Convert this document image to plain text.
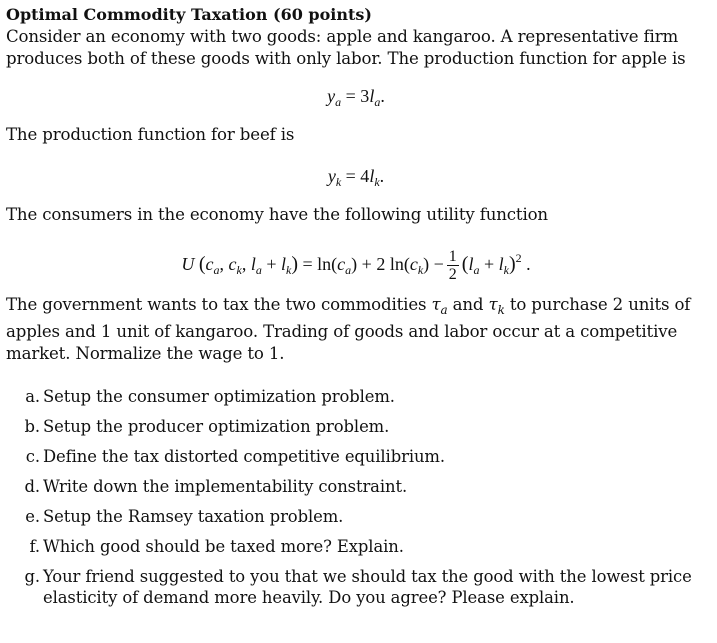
Optimal Commodity Taxation (60 points)

Consider an economy with two goods: apple and kangaroo. A representative firm produces both of these goods with only labor. The production function for apple is

$y_a = 3l_a$.

The production function for beef is

$y_k = 4l_k$.

The consumers in the economy have the following utility function

U ($c_a$, $c_k$, $l_a + l_k) = \ln(c_a) + 2$ $\ln(c_k) - \frac{1}{2} (l_a + l_k)^2$ .

The government wants to tax the two commodities $\tau_a$ and $\tau_k$ to purchase 2 units of apples and 1 unit of kangaroo. Trading of goods and labor occur at a competitive market. Normalize the wage to 1.

a. Setup the consumer optimization problem.
b. Setup the producer optimization problem.
c. Define the tax distorted competitive equilibrium.
d. Write down the implementability constraint.
e. Setup the Ramsey taxation problem.
f. Which good should be taxed more? Explain.
g. Your friend suggested to you that we should tax the good with the lowest price elasticity of demand more heavily. Do you agree? Please explain.
